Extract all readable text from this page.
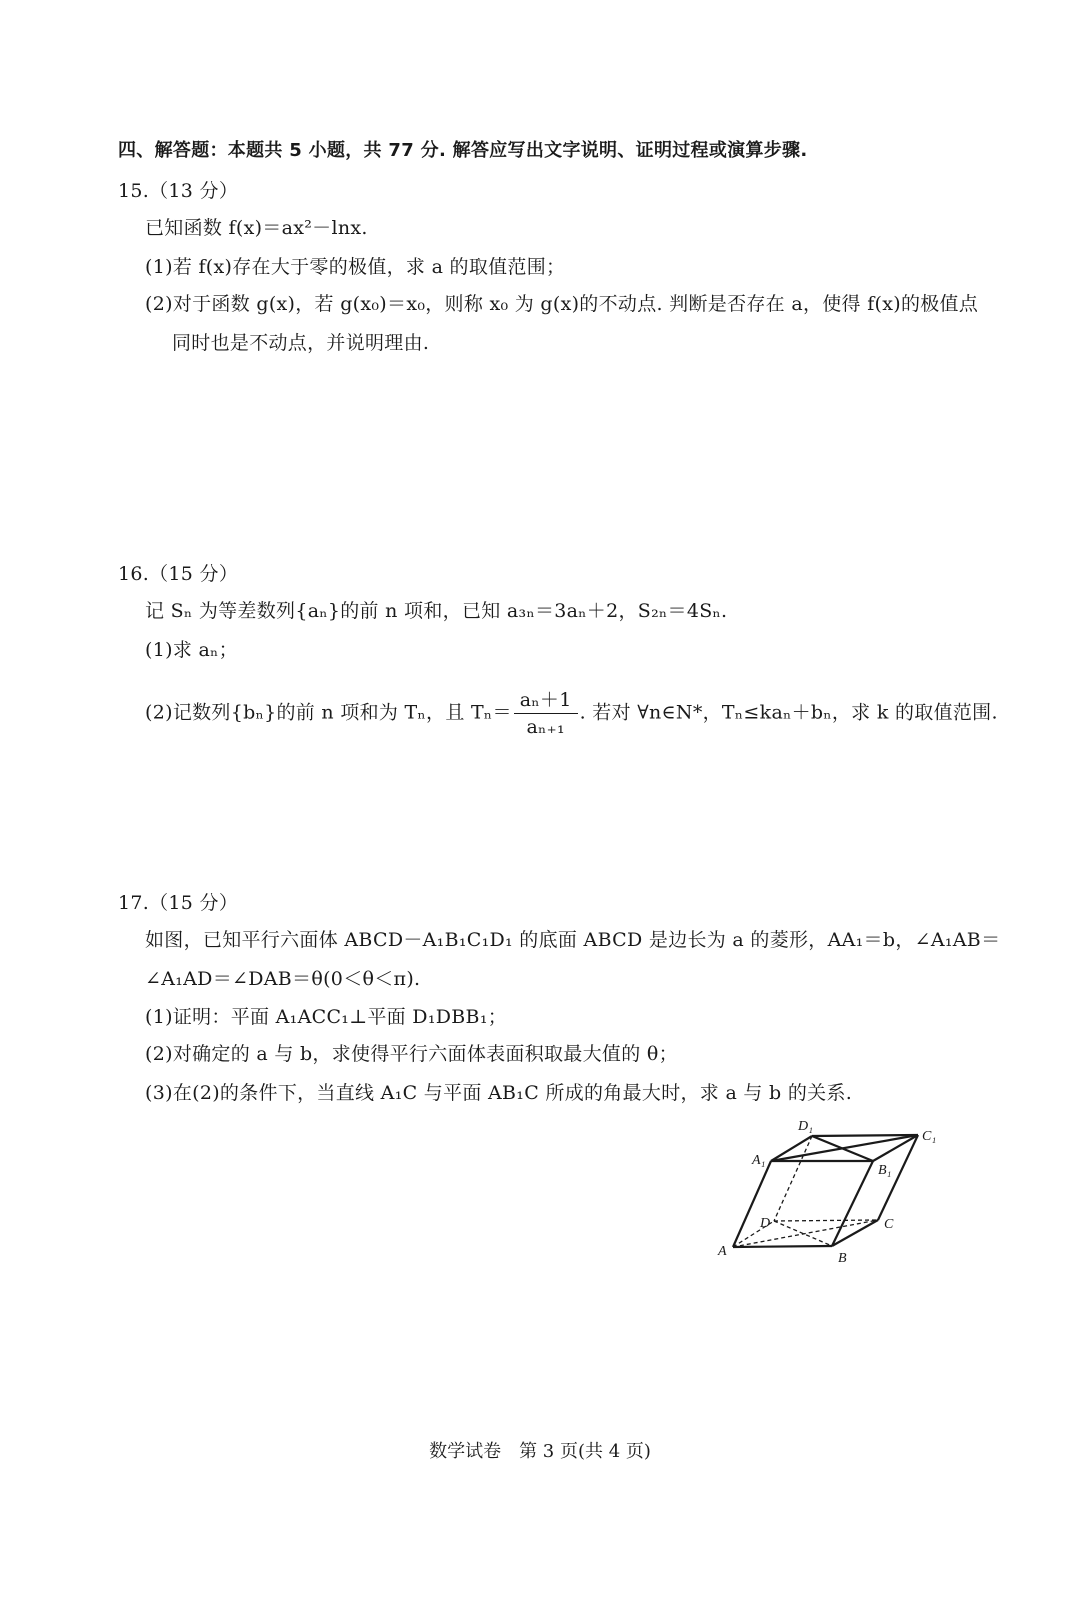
四、解答题：本题共 5 小题，共 77 分. 解答应写出文字说明、证明过程或演算步骤.
15.（13 分）
已知函数 f(x)＝ax²－lnx.
(1)若 f(x)存在大于零的极值，求 a 的取值范围；
(2)对于函数 g(x)，若 g(x₀)＝x₀，则称 x₀ 为 g(x)的不动点. 判断是否存在 a，使得 f(x)的极值点
同时也是不动点，并说明理由.
16.（15 分）
记 Sₙ 为等差数列{aₙ}的前 n 项和，已知 a₃ₙ＝3aₙ＋2，S₂ₙ＝4Sₙ.
(1)求 aₙ；
(2)记数列{bₙ}的前 n 项和为 Tₙ，且 $T_n= \frac{\text{aₙ＋1}}{\text{aₙ₊₁}}$ . 若对 ∀n∈N*，Tₙ≤kaₙ＋bₙ，求 k 的取值范围.
17.（15 分）
如图，已知平行六面体 ABCD－A₁B₁C₁D₁ 的底面 ABCD 是边长为 a 的菱形，AA₁＝b，∠A₁AB＝
∠A₁AD＝∠DAB＝θ(0＜θ＜π).
(1)证明：平面 A₁ACC₁⊥平面 D₁DBB₁；
(2)对确定的 a 与 b，求使得平行六面体表面积取最大值的 θ；
(3)在(2)的条件下，当直线 A₁C 与平面 AB₁C 所成的角最大时，求 a 与 b 的关系.
A	B
C
D
A₁
B₁
C₁
D₁
数学试卷　第 3 页(共 4 页)
